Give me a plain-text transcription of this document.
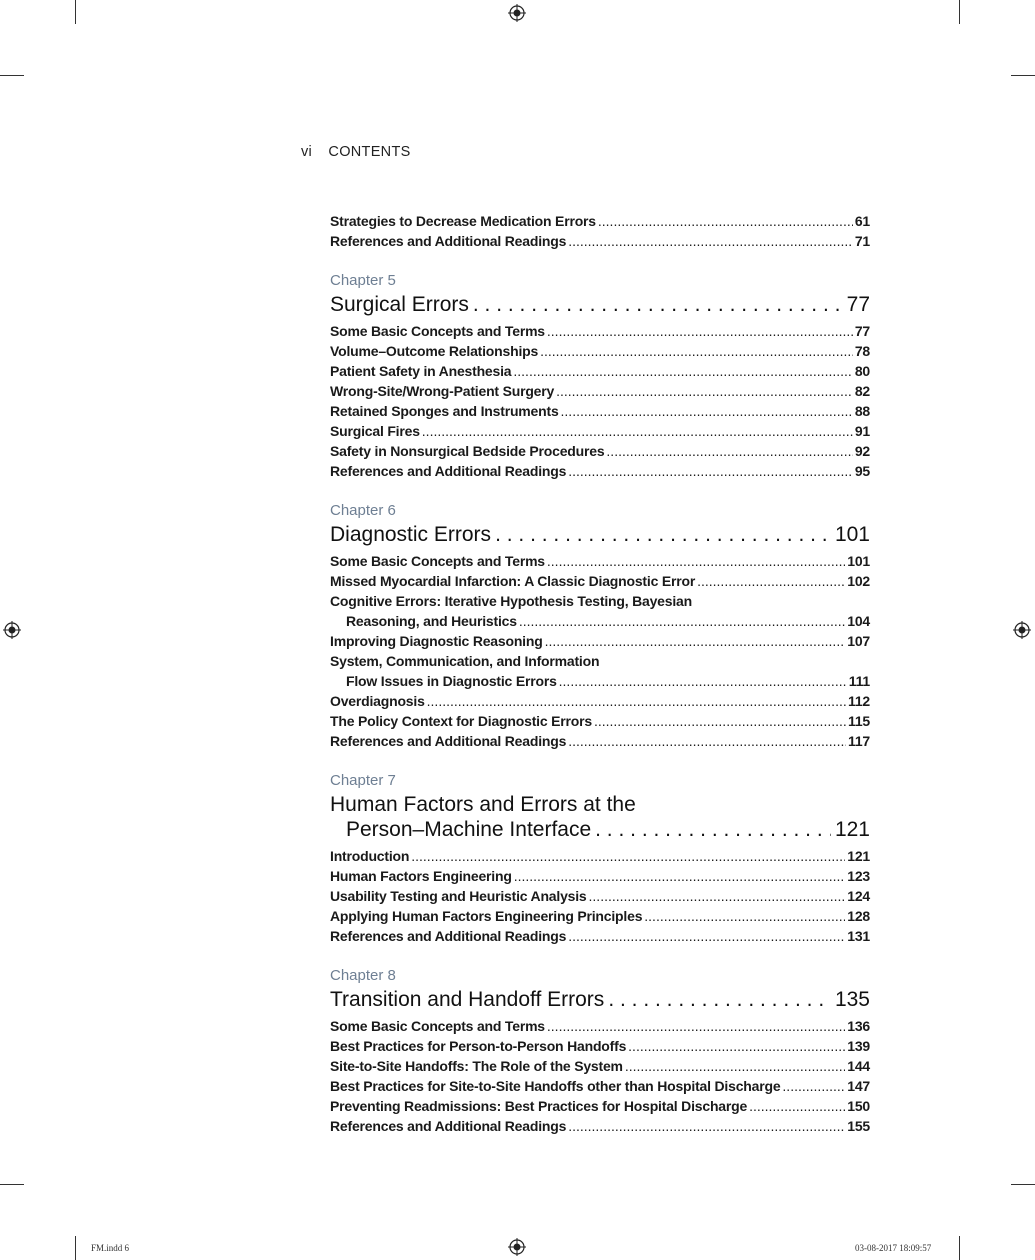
vi CONTENTS
Strategies to Decrease Medication Errors .....	61
References and Additional Readings .....	71
Chapter 5
Surgical Errors . . .	77
Some Basic Concepts and Terms .....	77
Volume–Outcome Relationships .....	78
Patient Safety in Anesthesia .....	80
Wrong-Site/Wrong-Patient Surgery .....	82
Retained Sponges and Instruments .....	88
Surgical Fires .....	91
Safety in Nonsurgical Bedside Procedures .....	92
References and Additional Readings .....	95
Chapter 6
Diagnostic Errors . . .	101
Some Basic Concepts and Terms .....	101
Missed Myocardial Infarction: A Classic Diagnostic Error .....	102
Cognitive Errors: Iterative Hypothesis Testing, Bayesian
Reasoning, and Heuristics .....	104
Improving Diagnostic Reasoning .....	107
System, Communication, and Information
Flow Issues in Diagnostic Errors .....	111
Overdiagnosis .....	112
The Policy Context for Diagnostic Errors .....	115
References and Additional Readings .....	117
Chapter 7
Human Factors and Errors at the
Person–Machine Interface . . .	121
Introduction .....	121
Human Factors Engineering .....	123
Usability Testing and Heuristic Analysis .....	124
Applying Human Factors Engineering Principles .....	128
References and Additional Readings .....	131
Chapter 8
Transition and Handoff Errors . . .	135
Some Basic Concepts and Terms .....	136
Best Practices for Person-to-Person Handoffs .....	139
Site-to-Site Handoffs: The Role of the System .....	144
Best Practices for Site-to-Site Handoffs other than Hospital Discharge .....	147
Preventing Readmissions: Best Practices for Hospital Discharge .....	150
References and Additional Readings .....	155
FM.indd 6	03-08-2017 18:09:57
